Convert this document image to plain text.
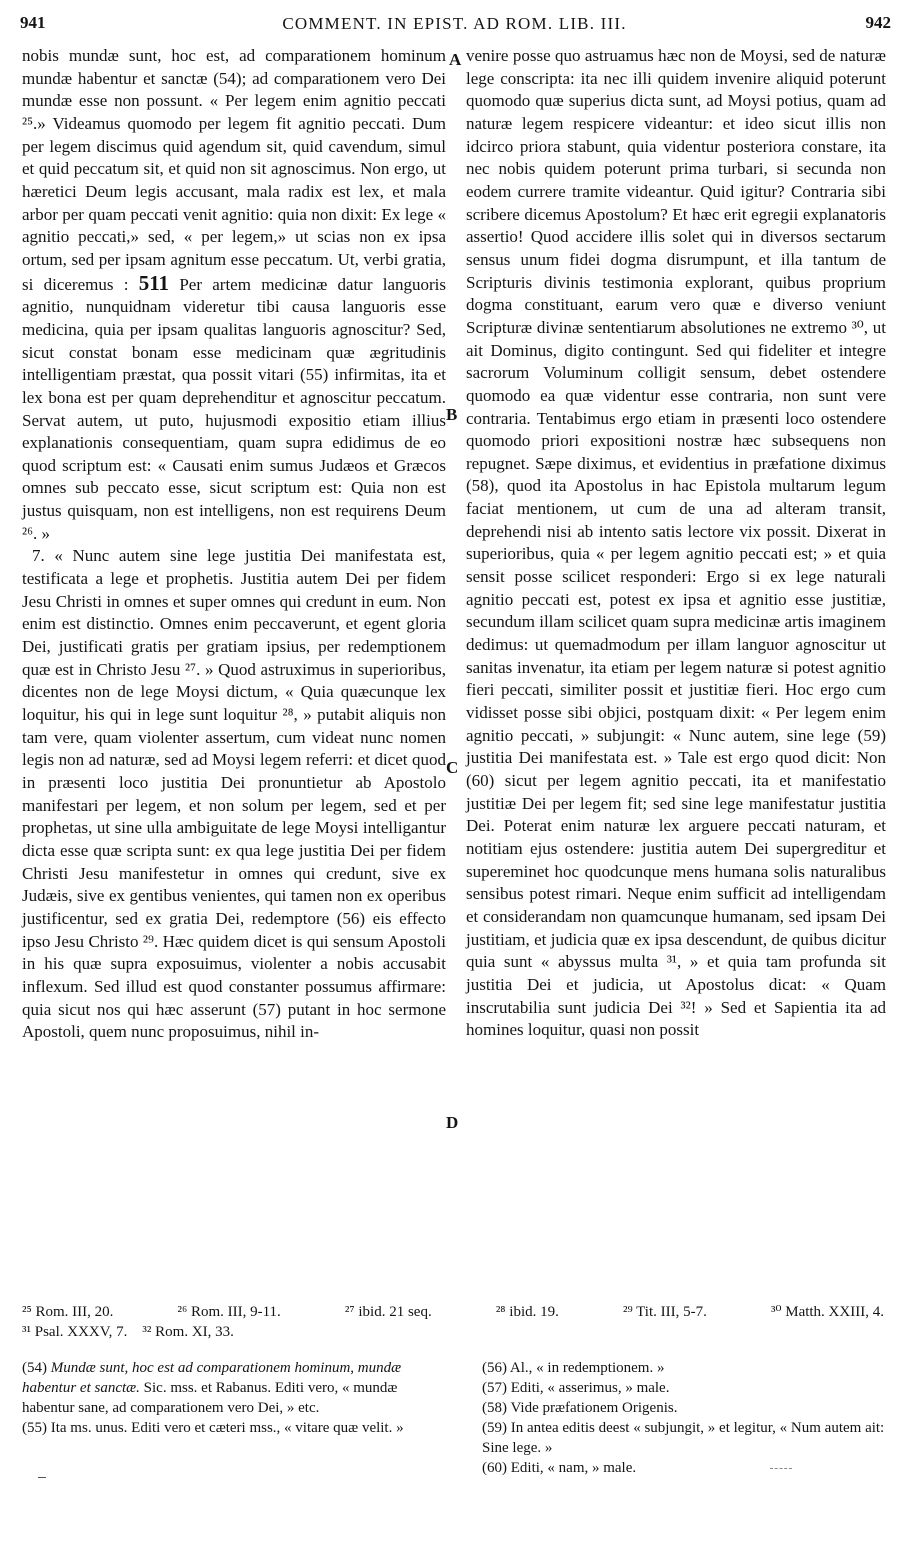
941	COMMENT. IN EPIST. AD ROM. LIB. III.	942

nobis mundæ sunt, hoc est, ad comparationem hominum mundæ habentur et sanctæ (54); ad comparationem vero Dei mundæ esse non possunt. « Per legem enim agnitio peccati ²⁵.» Videamus quomodo per legem fit agnitio peccati. Dum per legem discimus quid agendum sit, quid cavendum, simul et quid peccatum sit, et quid non sit agnoscimus. Non ergo, ut hæretici Deum legis accusant, mala radix est lex, et mala arbor per quam peccati venit agnitio: quia non dixit: Ex lege « agnitio peccati,» sed, « per legem,» ut scias non ex ipsa ortum, sed per ipsam agnitum esse peccatum. Ut, verbi gratia, si diceremus : 511 Per artem medicinæ datur languoris agnitio, nunquidnam videretur tibi causa languoris esse medicina, quia per ipsam qualitas languoris agnoscitur? Sed, sicut constat bonam esse medicinam quæ ægritudinis intelligentiam præstat, qua possit vitari (55) infirmitas, ita et lex bona est per quam deprehenditur et agnoscitur peccatum. Servat autem, ut puto, hujusmodi expositio etiam illius explanationis consequentiam, quam supra edidimus de eo quod scriptum est: « Causati enim sumus Judæos et Græcos omnes sub peccato esse, sicut scriptum est: Quia non est justus quisquam, non est intelligens, non est requirens Deum ²⁶. »

7. « Nunc autem sine lege justitia Dei manifestata est, testificata a lege et prophetis. Justitia autem Dei per fidem Jesu Christi in omnes et super omnes qui credunt in eum. Non enim est distinctio. Omnes enim peccaverunt, et egent gloria Dei, justificati gratis per gratiam ipsius, per redemptionem quæ est in Christo Jesu ²⁷. » Quod astruximus in superioribus, dicentes non de lege Moysi dictum, « Quia quæcunque lex loquitur, his qui in lege sunt loquitur ²⁸, » putabit aliquis non tam vere, quam violenter assertum, cum videat nunc nomen legis non ad naturæ, sed ad Moysi legem referri: et dicet quod in præsenti loco justitia Dei pronuntietur ab Apostolo manifestari per legem, et non solum per legem, sed et per prophetas, ut sine ulla ambiguitate de lege Moysi intelligantur dicta esse quæ scripta sunt: ex qua lege justitia Dei per fidem Christi Jesu manifestetur in omnes qui credunt, sive ex Judæis, sive ex gentibus venientes, qui tamen non ex operibus justificentur, sed ex gratia Dei, redemptore (56) eis effecto ipso Jesu Christo ²⁹. Hæc quidem dicet is qui sensum Apostoli in his quæ supra exposuimus, violenter a nobis accusabit inflexum. Sed illud est quod constanter possumus affirmare: quia sicut nos qui hæc asserunt (57) putant in hoc sermone Apostoli, quem nunc proposuimus, nihil in-

A
B
C
D

venire posse quo astruamus hæc non de Moysi, sed de naturæ lege conscripta: ita nec illi quidem invenire aliquid poterunt quomodo quæ superius dicta sunt, ad Moysi potius, quam ad naturæ legem respicere videantur: et ideo sicut illis non idcirco priora stabunt, quia videntur posteriora constare, ita nec nobis quidem poterunt prima turbari, si secunda non eodem currere tramite videantur. Quid igitur? Contraria sibi scribere dicemus Apostolum? Et hæc erit egregii explanatoris assertio! Quod accidere illis solet qui in diversos sectarum sensus unum fidei dogma disrumpunt, et illa tantum de Scripturis divinis testimonia explorant, quibus proprium dogma constituant, earum vero quæ e diverso veniunt Scripturæ divinæ sententiarum absolutiones ne extremo ³⁰, ut ait Dominus, digito contingunt. Sed qui fideliter et integre sacrorum Voluminum colligit sensum, debet ostendere quomodo ea quæ videntur esse contraria, non sunt vere contraria. Tentabimus ergo etiam in præsenti loco ostendere quomodo priori expositioni nostræ hæc subsequens non repugnet. Sæpe diximus, et evidentius in præfatione diximus (58), quod ita Apostolus in hac Epistola multarum legum faciat mentionem, ut cum de una ad alteram transit, deprehendi nisi ab intento satis lectore vix possit. Dixerat in superioribus, quia « per legem agnitio peccati est; » et quia sensit posse scilicet responderi: Ergo si ex lege naturali agnitio peccati est, potest ex ipsa et agnitio esse justitiæ, secundum illam scilicet quam supra medicinæ artis imaginem dedimus: ut quemadmodum per illam languor agnoscitur ut sanitas invenatur, ita etiam per legem naturæ si potest agnitio fieri peccati, similiter possit et justitiæ fieri. Hoc ergo cum vidisset posse sibi objici, postquam dixit: « Per legem enim agnitio peccati, » subjungit: « Nunc autem, sine lege (59) justitia Dei manifestata est. » Tale est ergo quod dicit: Non (60) sicut per legem agnitio peccati, ita et manifestatio justitiæ Dei per legem fit; sed sine lege manifestatur justitia Dei. Poterat enim naturæ lex arguere peccati naturam, et notitiam ejus ostendere: justitia autem Dei supergreditur et supereminet hoc quodcunque mens humana solis naturalibus sensibus potest rimari. Neque enim sufficit ad intelligendam et considerandam non quamcunque humanam, sed ipsam Dei justitiam, et judicia quæ ex ipsa descendunt, de quibus dicitur quia sunt « abyssus multa ³¹, » et quia tam profunda sit justitia Dei et judicia, ut Apostolus dicat: « Quam inscrutabilia sunt judicia Dei ³²! » Sed et Sapientia ita ad homines loquitur, quasi non possit

²⁵ Rom. III, 20.	²⁶ Rom. III, 9-11.	²⁷ ibid. 21 seq.	²⁸ ibid. 19.	²⁹ Tit. III, 5-7.	³⁰ Matth. XXIII, 4.
³¹ Psal. XXXV, 7. ³² Rom. XI, 33.

(54) Mundæ sunt, hoc est ad comparationem hominum, mundæ habentur et sanctæ. Sic. mss. et Rabanus. Editi vero, « mundæ habentur sane, ad comparationem vero Dei, » etc.

(55) Ita ms. unus. Editi vero et cæteri mss., « vitare quæ velit. »

(56) Al., « in redemptionem. »

(57) Editi, « asserimus, » male.

(58) Vide præfationem Origenis.

(59) In antea editis deest « subjungit, » et legitur, « Num autem ait: Sine lege. »

(60) Editi, « nam, » male.
